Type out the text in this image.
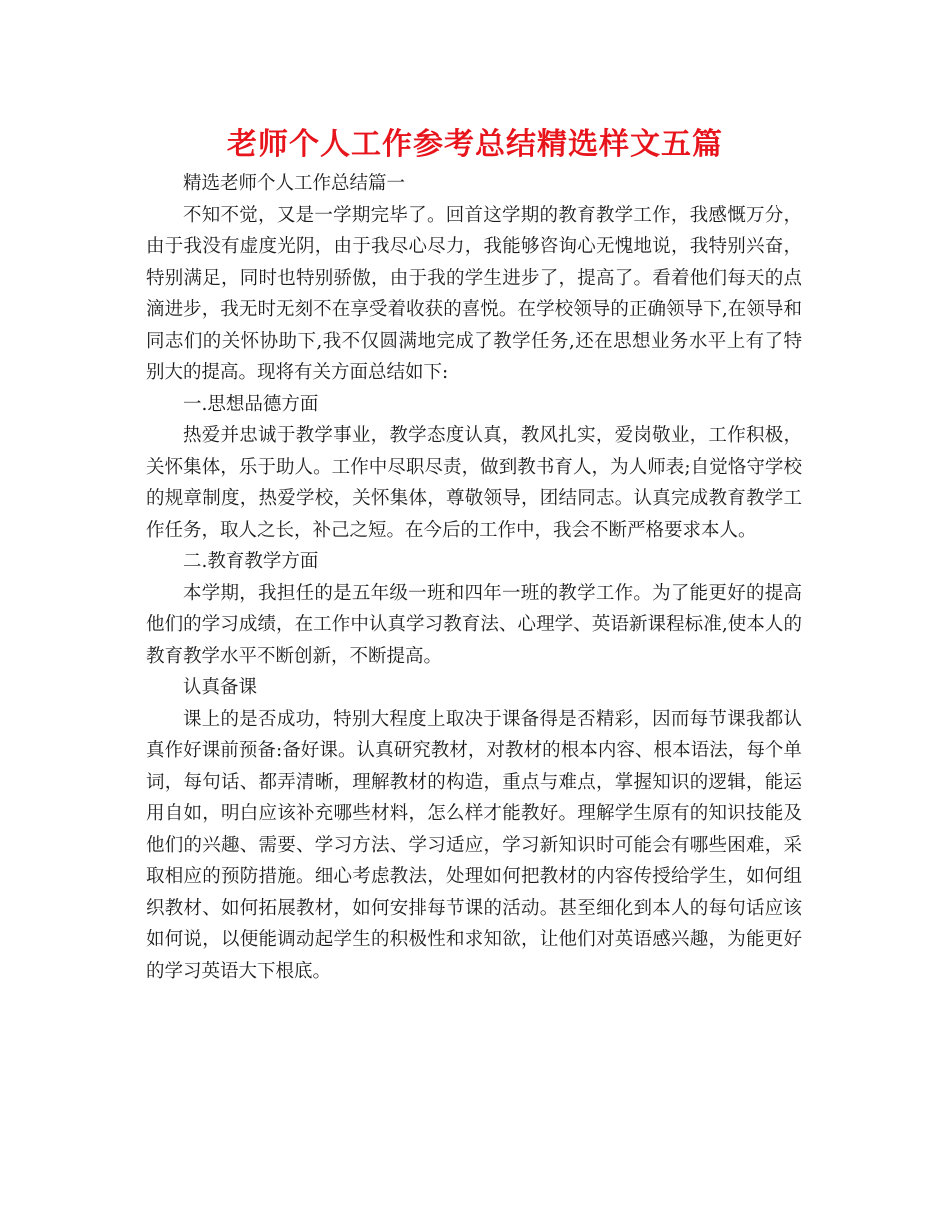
老师个人工作参考总结精选样文五篇

精选老师个人工作总结篇一

不知不觉，又是一学期完毕了。回首这学期的教育教学工作，我感慨万分，由于我没有虚度光阴，由于我尽心尽力，我能够咨询心无愧地说，我特别兴奋，特别满足，同时也特别骄傲，由于我的学生进步了，提高了。看着他们每天的点滴进步，我无时无刻不在享受着收获的喜悦。在学校领导的正确领导下,在领导和同志们的关怀协助下,我不仅圆满地完成了教学任务,还在思想业务水平上有了特别大的提高。现将有关方面总结如下:

一.思想品德方面

热爱并忠诚于教学事业，教学态度认真，教风扎实，爱岗敬业，工作积极，关怀集体，乐于助人。工作中尽职尽责，做到教书育人，为人师表;自觉恪守学校的规章制度，热爱学校，关怀集体，尊敬领导，团结同志。认真完成教育教学工作任务，取人之长，补己之短。在今后的工作中，我会不断严格要求本人。

二.教育教学方面

本学期，我担任的是五年级一班和四年一班的教学工作。为了能更好的提高他们的学习成绩，在工作中认真学习教育法、心理学、英语新课程标准,使本人的教育教学水平不断创新，不断提高。

认真备课

课上的是否成功，特别大程度上取决于课备得是否精彩，因而每节课我都认真作好课前预备:备好课。认真研究教材，对教材的根本内容、根本语法，每个单词，每句话、都弄清晰，理解教材的构造，重点与难点，掌握知识的逻辑，能运用自如，明白应该补充哪些材料，怎么样才能教好。理解学生原有的知识技能及他们的兴趣、需要、学习方法、学习适应，学习新知识时可能会有哪些困难，采取相应的预防措施。细心考虑教法，处理如何把教材的内容传授给学生，如何组织教材、如何拓展教材，如何安排每节课的活动。甚至细化到本人的每句话应该如何说，以便能调动起学生的积极性和求知欲，让他们对英语感兴趣，为能更好的学习英语大下根底。
